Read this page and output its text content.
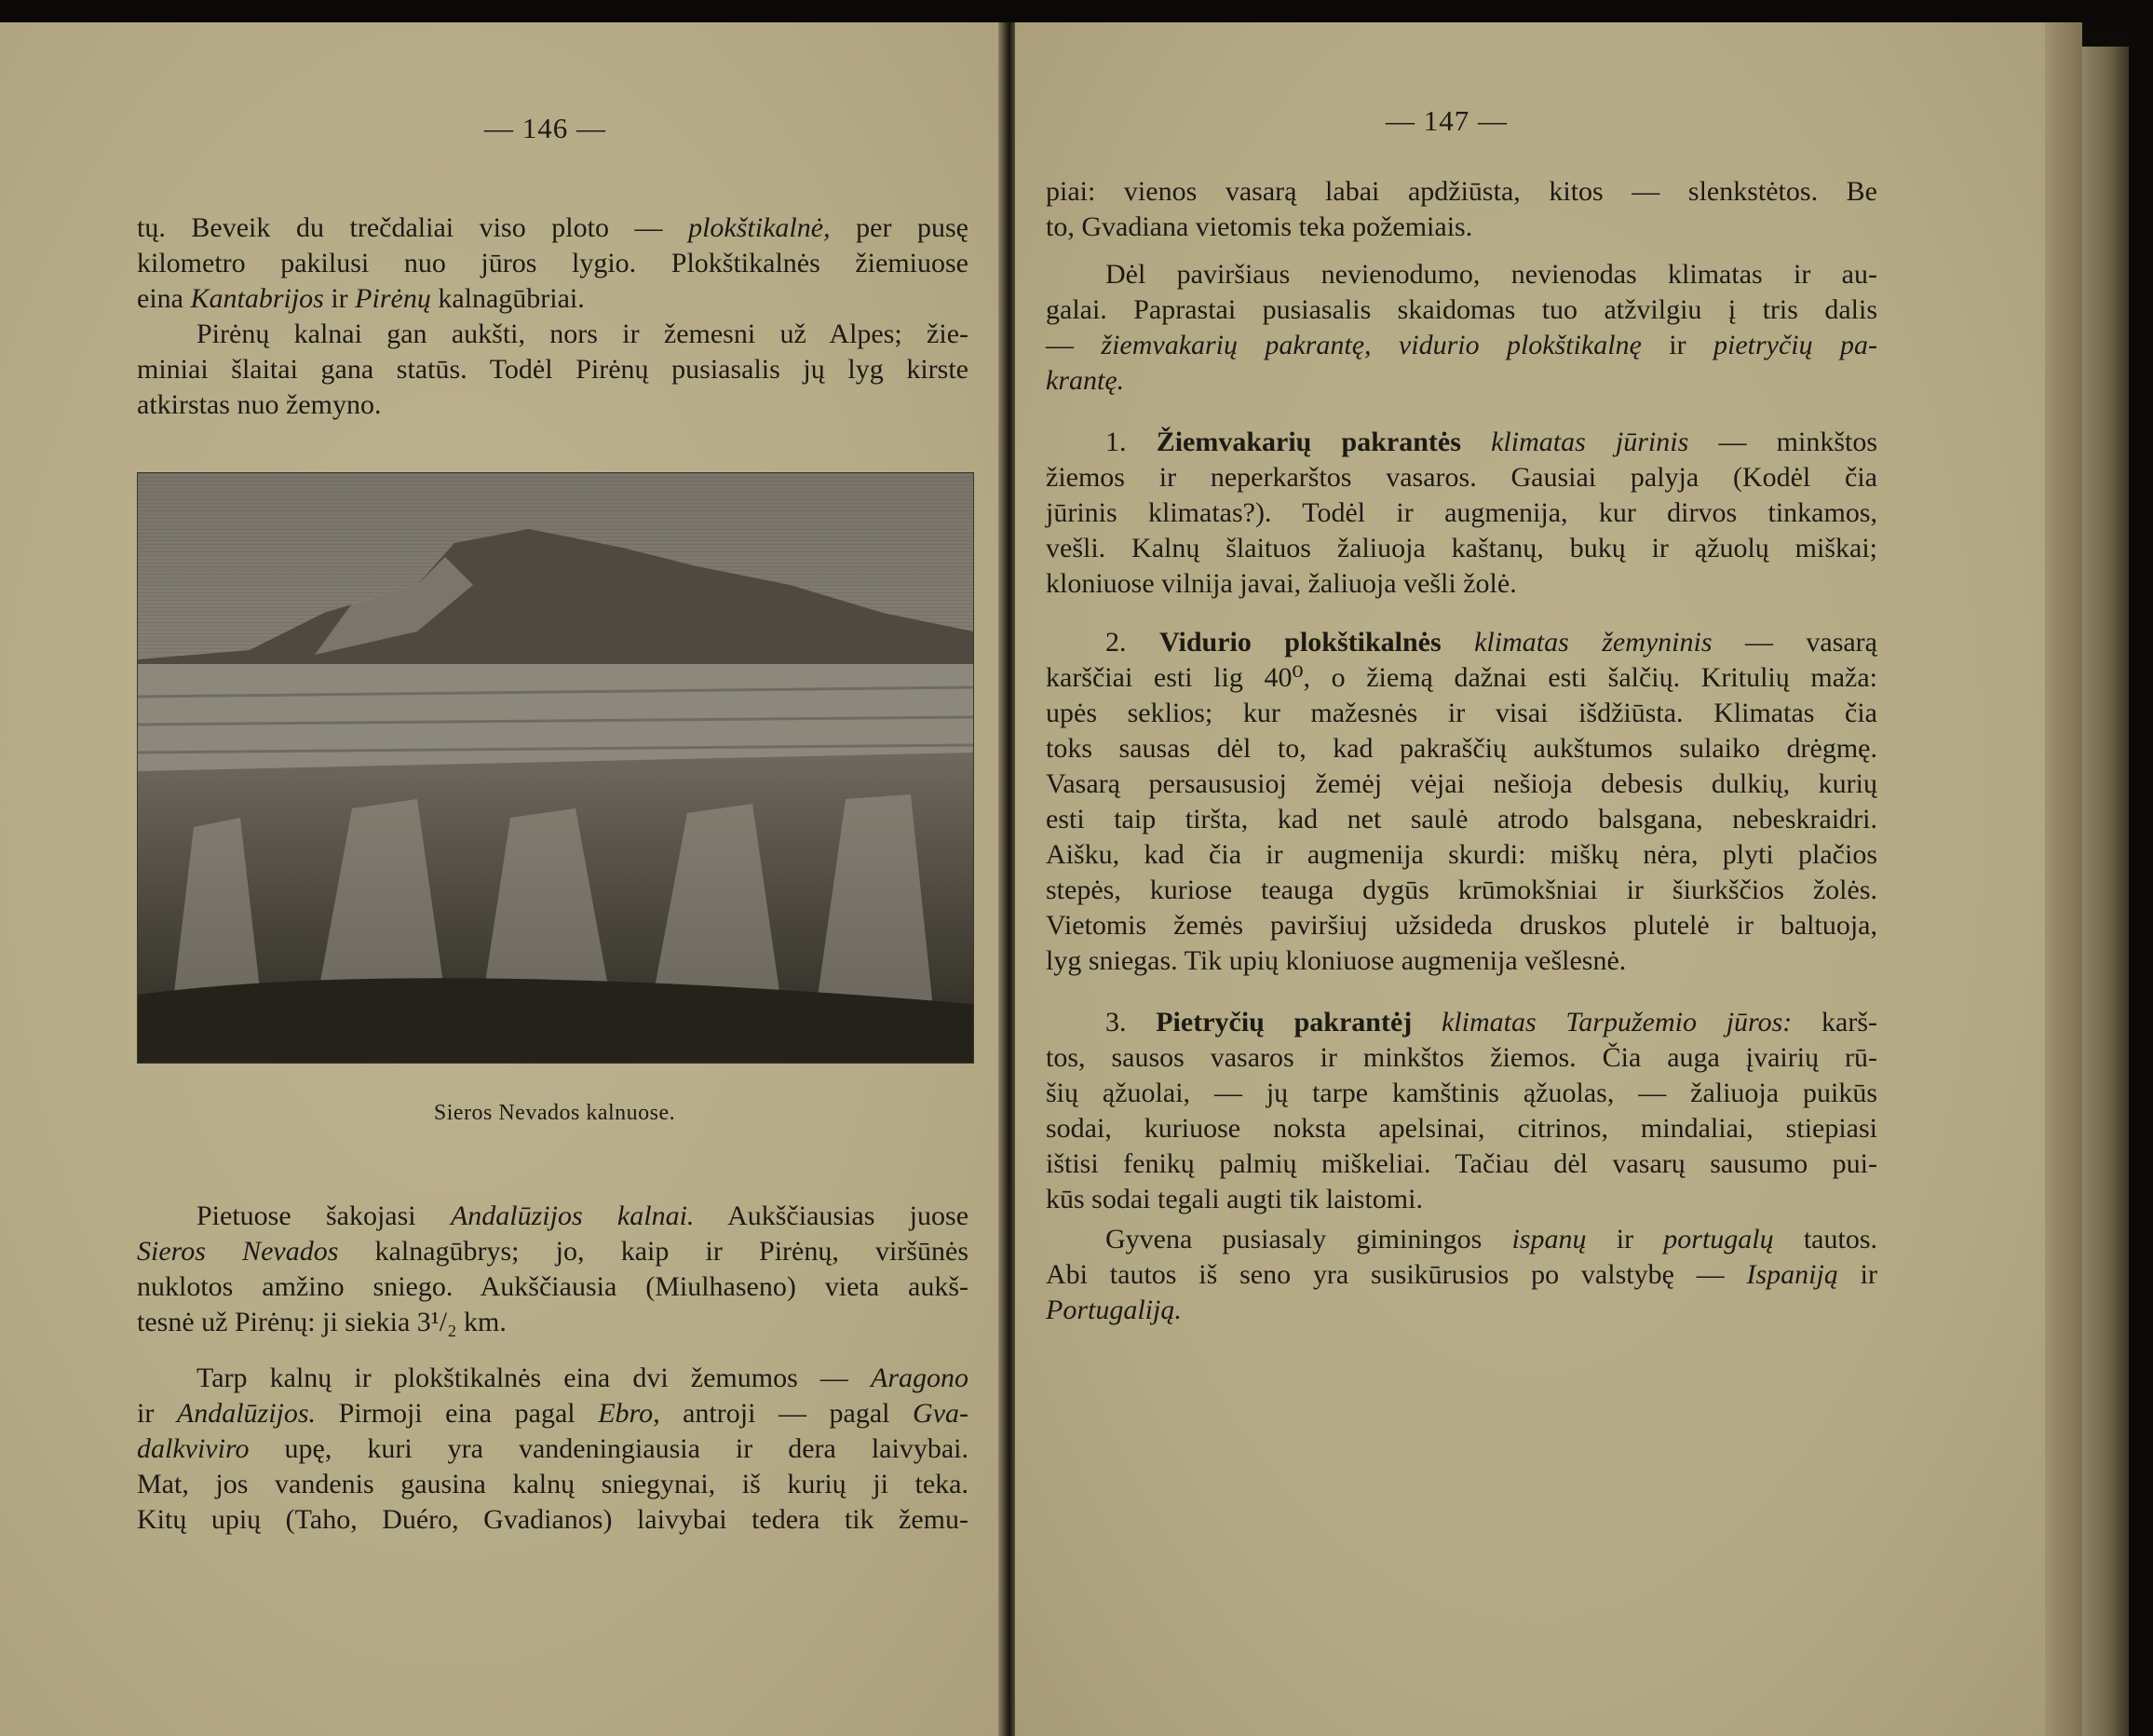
— 146 —
Sieros Nevados kalnuose.
tų. Beveik du trečdaliai viso ploto — plokštikalnė, per pusę
kilometro pakilusi nuo jūros lygio. Plokštikalnės žiemiuose
eina Kantabrijos ir Pirėnų kalnagūbriai.
Pirėnų kalnai gan aukšti, nors ir žemesni už Alpes; žie-
miniai šlaitai gana statūs. Todėl Pirėnų pusiasalis jų lyg kirste
atkirstas nuo žemyno.
Pietuose šakojasi Andalūzijos kalnai. Aukščiausias juose
Sieros Nevados kalnagūbrys; jo, kaip ir Pirėnų, viršūnės
nuklotos amžino sniego. Aukščiausia (Miulhaseno) vieta aukš-
tesnė už Pirėnų: ji siekia 3¹/₂ km.
Tarp kalnų ir plokštikalnės eina dvi žemumos — Aragono
ir Andalūzijos. Pirmoji eina pagal Ebro, antroji — pagal Gva-
dalkviviro upę, kuri yra vandeningiausia ir dera laivybai.
Mat, jos vandenis gausina kalnų sniegynai, iš kurių ji teka.
Kitų upių (Taho, Duéro, Gvadianos) laivybai tedera tik žemu-
— 147 —
piai: vienos vasarą labai apdžiūsta, kitos — slenkstėtos. Be
to, Gvadiana vietomis teka požemiais.
Dėl paviršiaus nevienodumo, nevienodas klimatas ir au-
galai. Paprastai pusiasalis skaidomas tuo atžvilgiu į tris dalis
— žiemvakarių pakrantę, vidurio plokštikalnę ir pietryčių pa-
krantę.
1. Žiemvakarių pakrantės klimatas jūrinis — minkštos
žiemos ir neperkarštos vasaros. Gausiai palyja (Kodėl čia
jūrinis klimatas?). Todėl ir augmenija, kur dirvos tinkamos,
vešli. Kalnų šlaituos žaliuoja kaštanų, bukų ir ąžuolų miškai;
kloniuose vilnija javai, žaliuoja vešli žolė.
2. Vidurio plokštikalnės klimatas žemyninis — vasarą
karščiai esti lig 40⁰, o žiemą dažnai esti šalčių. Kritulių maža:
upės seklios; kur mažesnės ir visai išdžiūsta. Klimatas čia
toks sausas dėl to, kad pakraščių aukštumos sulaiko drėgmę.
Vasarą persaususioj žemėj vėjai nešioja debesis dulkių, kurių
esti taip tiršta, kad net saulė atrodo balsgana, nebeskraidri.
Aišku, kad čia ir augmenija skurdi: miškų nėra, plyti plačios
stepės, kuriose teauga dygūs krūmokšniai ir šiurkščios žolės.
Vietomis žemės paviršiuj užsideda druskos plutelė ir baltuoja,
lyg sniegas. Tik upių kloniuose augmenija vešlesnė.
3. Pietryčių pakrantėj klimatas Tarpužemio jūros: karš-
tos, sausos vasaros ir minkštos žiemos. Čia auga įvairių rū-
šių ąžuolai, — jų tarpe kamštinis ąžuolas, — žaliuoja puikūs
sodai, kuriuose noksta apelsinai, citrinos, mindaliai, stiepiasi
ištisi fenikų palmių miškeliai. Tačiau dėl vasarų sausumo pui-
kūs sodai tegali augti tik laistomi.
Gyvena pusiasaly giminingos ispanų ir portugalų tautos.
Abi tautos iš seno yra susikūrusios po valstybę — Ispaniją ir
Portugaliją.
